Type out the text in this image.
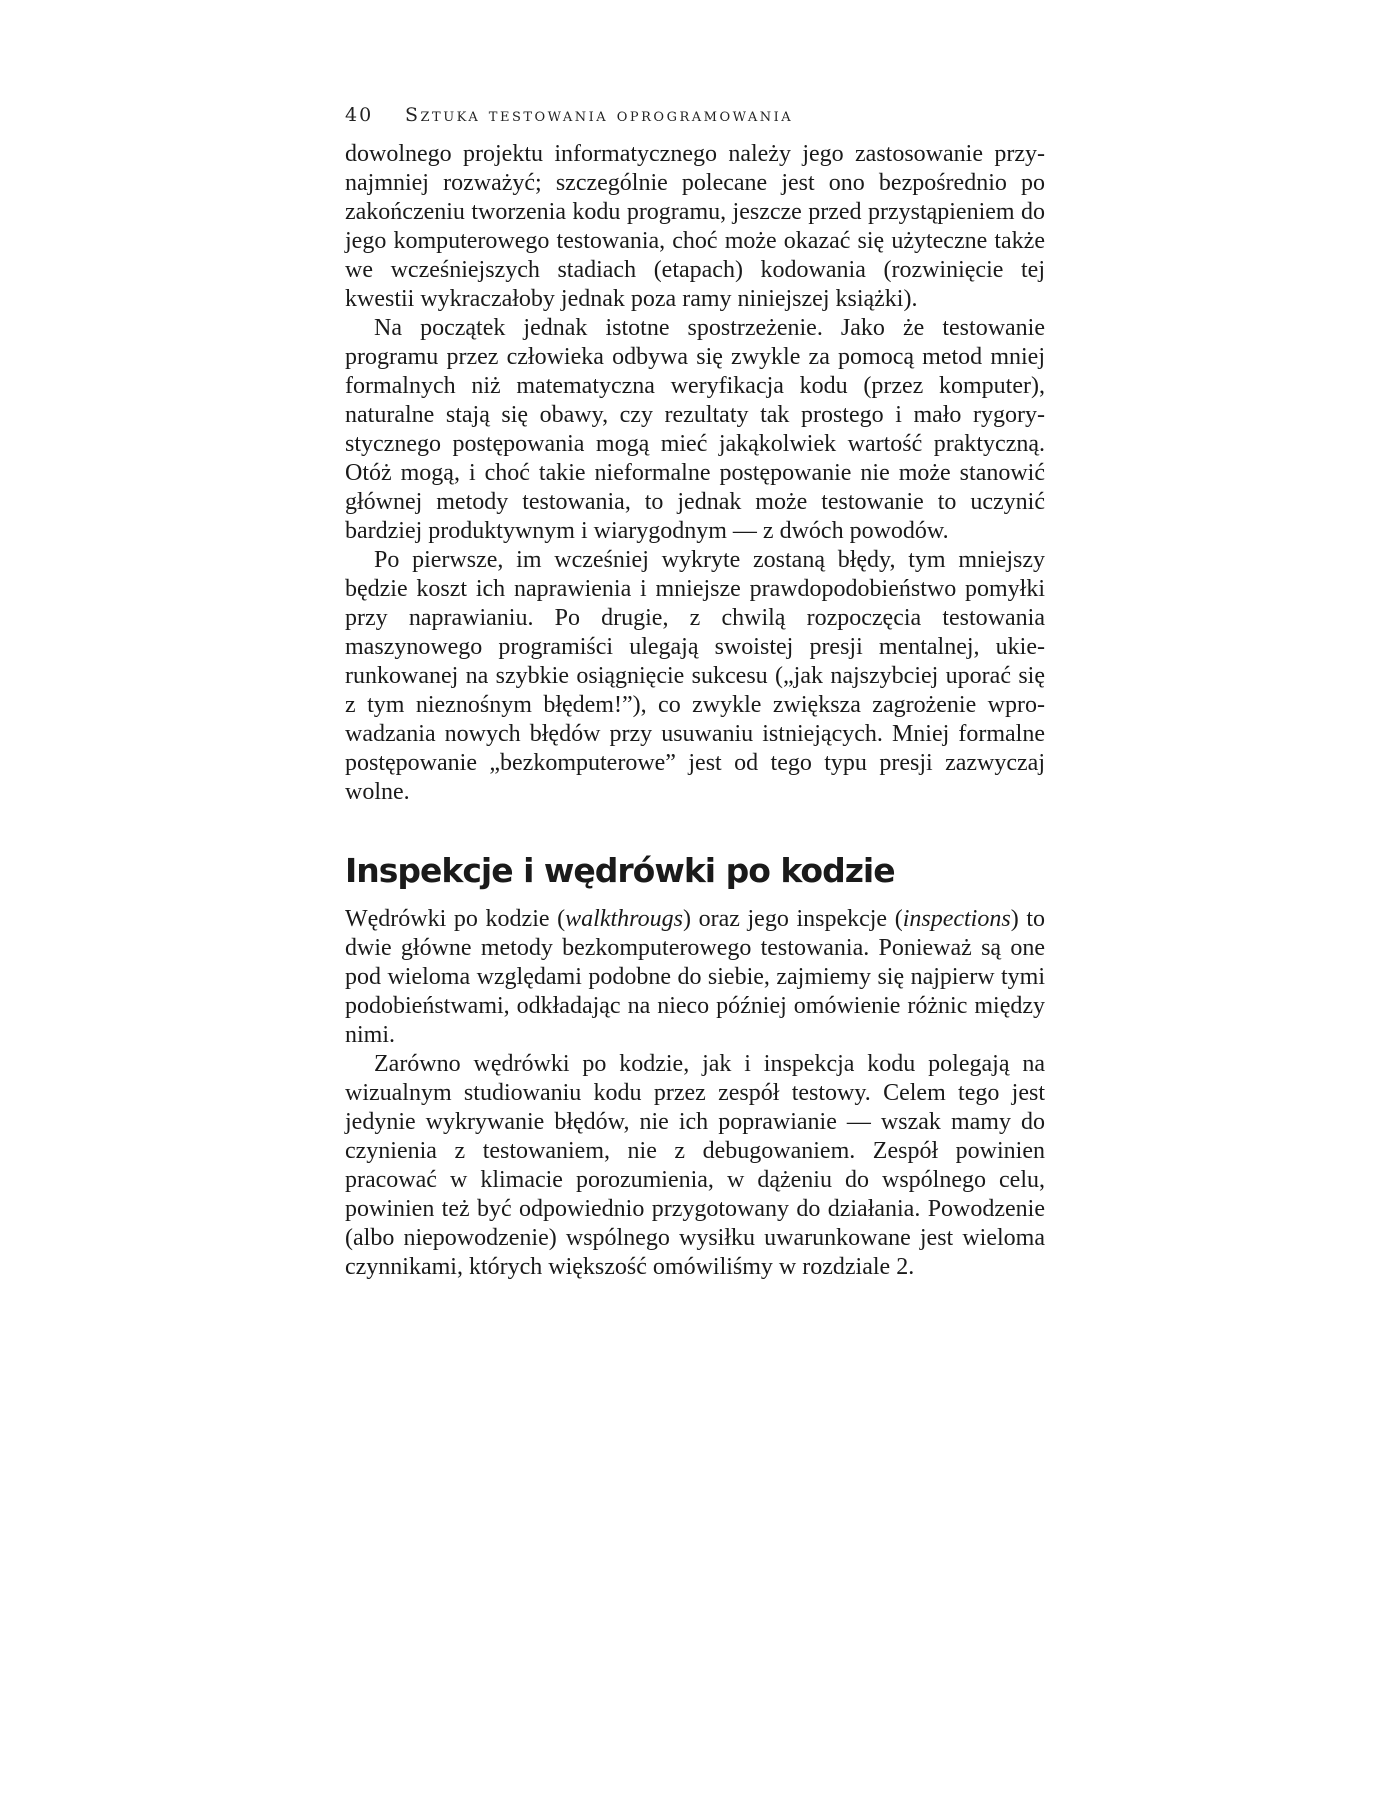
40 Sztuka testowania oprogramowania

dowolnego projektu informatycznego należy jego zastosowanie przynajmniej rozważyć; szczególnie polecane jest ono bezpośrednio po zakończeniu tworzenia kodu programu, jeszcze przed przystąpieniem do jego komputerowego testowania, choć może okazać się użyteczne także we wcześniejszych stadiach (etapach) kodowania (rozwinięcie tej kwestii wykraczałoby jednak poza ramy niniejszej książki).

Na początek jednak istotne spostrzeżenie. Jako że testowanie programu przez człowieka odbywa się zwykle za pomocą metod mniej formalnych niż matematyczna weryfikacja kodu (przez komputer), naturalne stają się obawy, czy rezultaty tak prostego i mało rygorystycznego postępowania mogą mieć jakąkolwiek wartość praktyczną. Otóż mogą, i choć takie nieformalne postępowanie nie może stanowić głównej metody testowania, to jednak może testowanie to uczynić bardziej produktywnym i wiarygodnym — z dwóch powodów.

Po pierwsze, im wcześniej wykryte zostaną błędy, tym mniejszy będzie koszt ich naprawienia i mniejsze prawdopodobieństwo pomyłki przy naprawianiu. Po drugie, z chwilą rozpoczęcia testowania maszynowego programiści ulegają swoistej presji mentalnej, ukierunkowanej na szybkie osiągnięcie sukcesu („jak najszybciej uporać się z tym nieznośnym błędem!”), co zwykle zwiększa zagrożenie wprowadzania nowych błędów przy usuwaniu istniejących. Mniej formalne postępowanie „bezkomputerowe” jest od tego typu presji zazwyczaj wolne.

Inspekcje i wędrówki po kodzie

Wędrówki po kodzie (walkthrougs) oraz jego inspekcje (inspections) to dwie główne metody bezkomputerowego testowania. Ponieważ są one pod wieloma względami podobne do siebie, zajmiemy się najpierw tymi podobieństwami, odkładając na nieco później omówienie różnic między nimi.

Zarówno wędrówki po kodzie, jak i inspekcja kodu polegają na wizualnym studiowaniu kodu przez zespół testowy. Celem tego jest jedynie wykrywanie błędów, nie ich poprawianie — wszak mamy do czynienia z testowaniem, nie z debugowaniem. Zespół powinien pracować w klimacie porozumienia, w dążeniu do wspólnego celu, powinien też być odpowiednio przygotowany do działania. Powodzenie (albo niepowodzenie) wspólnego wysiłku uwarunkowane jest wieloma czynnikami, których większość omówiliśmy w rozdziale 2.
